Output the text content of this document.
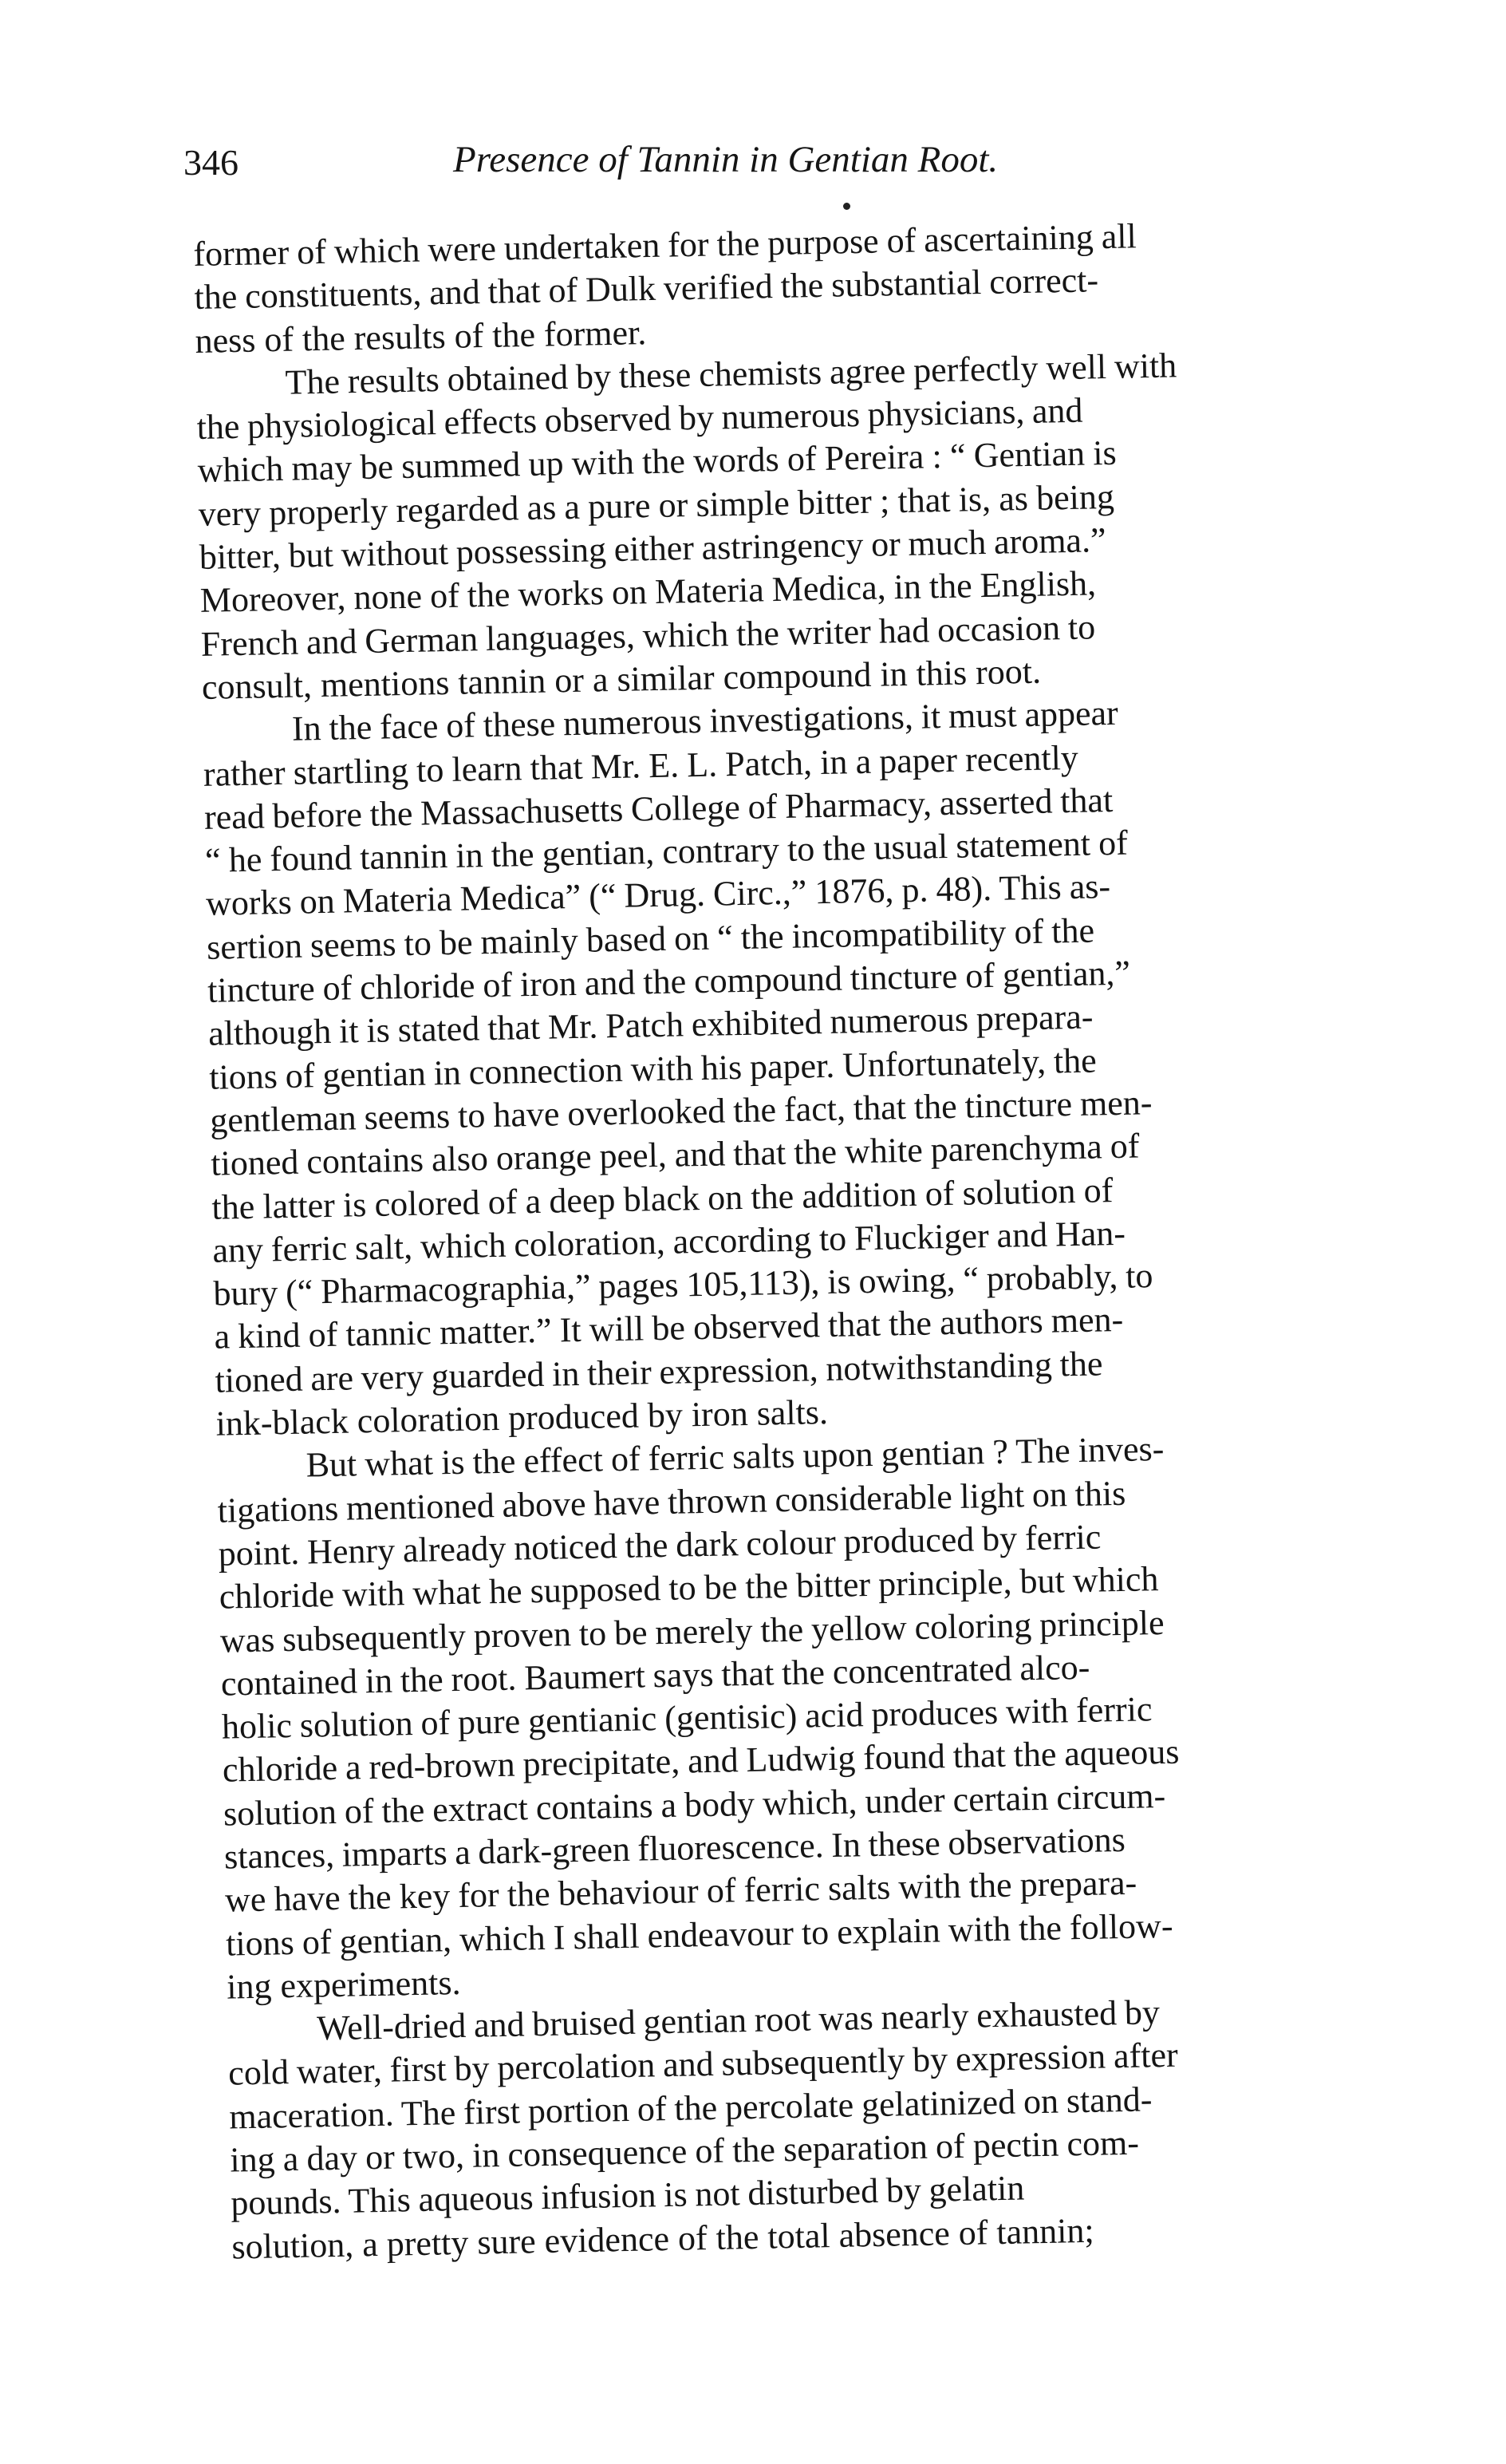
346	Presence of Tannin in Gentian Root.
former of which were undertaken for the purpose of ascertaining all
the constituents, and that of Dulk verified the substantial correct-
ness of the results of the former.
The results obtained by these chemists agree perfectly well with
the physiological effects observed by numerous physicians, and
which may be summed up with the words of Pereira : “ Gentian is
very properly regarded as a pure or simple bitter ; that is, as being
bitter, but without possessing either astringency or much aroma.”
Moreover, none of the works on Materia Medica, in the English,
French and German languages, which the writer had occasion to
consult, mentions tannin or a similar compound in this root.
In the face of these numerous investigations, it must appear
rather startling to learn that Mr. E. L. Patch, in a paper recently
read before the Massachusetts College of Pharmacy, asserted that
“ he found tannin in the gentian, contrary to the usual statement of
works on Materia Medica” (“ Drug. Circ.,” 1876, p. 48). This as-
sertion seems to be mainly based on “ the incompatibility of the
tincture of chloride of iron and the compound tincture of gentian,”
although it is stated that Mr. Patch exhibited numerous prepara-
tions of gentian in connection with his paper. Unfortunately, the
gentleman seems to have overlooked the fact, that the tincture men-
tioned contains also orange peel, and that the white parenchyma of
the latter is colored of a deep black on the addition of solution of
any ferric salt, which coloration, according to Fluckiger and Han-
bury (“ Pharmacographia,” pages 105,113), is owing, “ probably, to
a kind of tannic matter.” It will be observed that the authors men-
tioned are very guarded in their expression, notwithstanding the
ink-black coloration produced by iron salts.
But what is the effect of ferric salts upon gentian ? The inves-
tigations mentioned above have thrown considerable light on this
point. Henry already noticed the dark colour produced by ferric
chloride with what he supposed to be the bitter principle, but which
was subsequently proven to be merely the yellow coloring principle
contained in the root. Baumert says that the concentrated alco-
holic solution of pure gentianic (gentisic) acid produces with ferric
chloride a red-brown precipitate, and Ludwig found that the aqueous
solution of the extract contains a body which, under certain circum-
stances, imparts a dark-green fluorescence. In these observations
we have the key for the behaviour of ferric salts with the prepara-
tions of gentian, which I shall endeavour to explain with the follow-
ing experiments.
Well-dried and bruised gentian root was nearly exhausted by
cold water, first by percolation and subsequently by expression after
maceration. The first portion of the percolate gelatinized on stand-
ing a day or two, in consequence of the separation of pectin com-
pounds. This aqueous infusion is not disturbed by gelatin
solution, a pretty sure evidence of the total absence of tannin;
